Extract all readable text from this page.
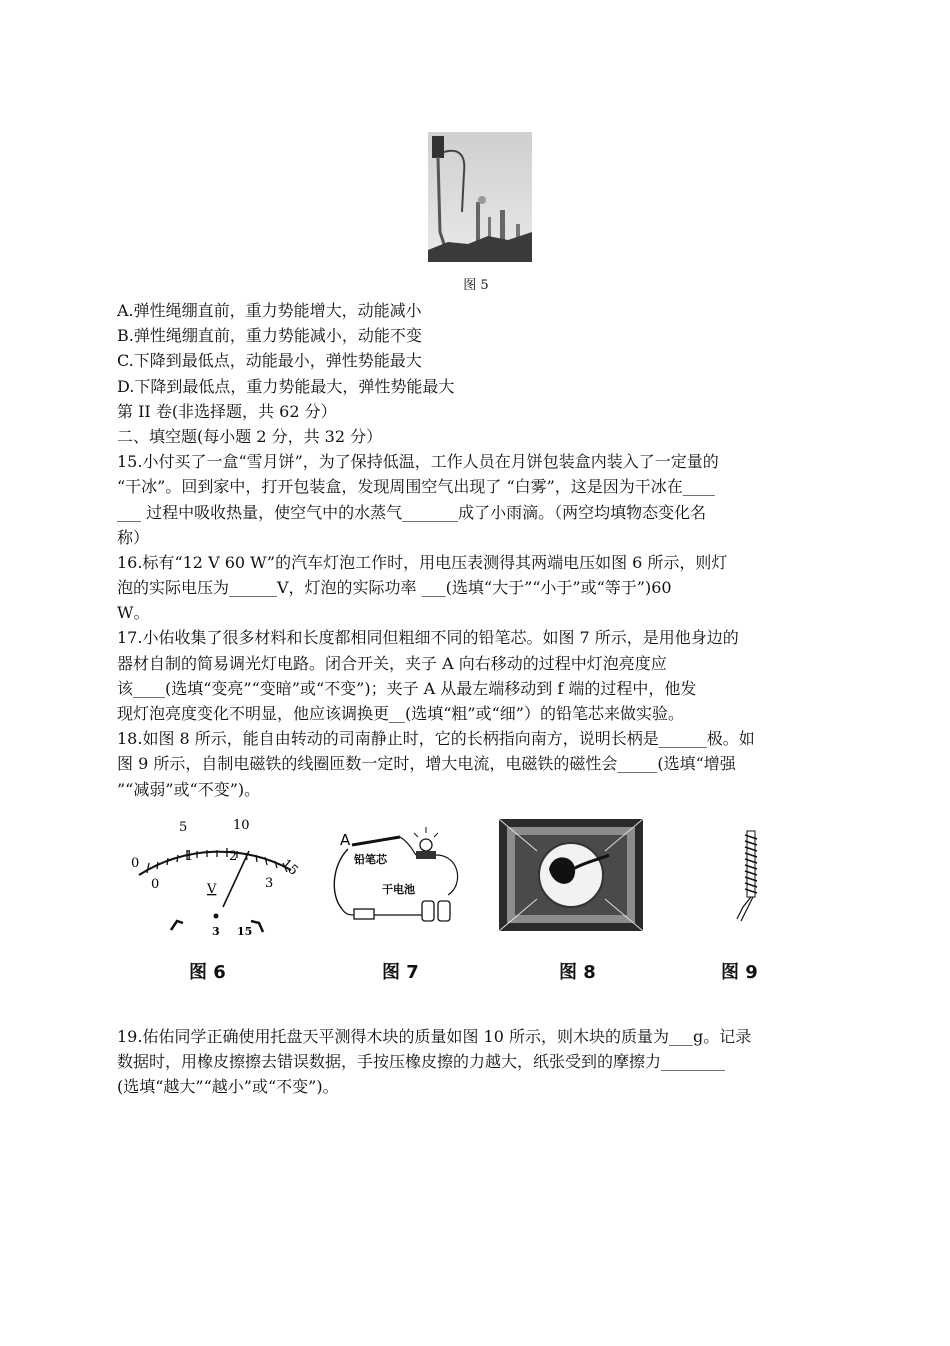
图 5
A.弹性绳绷直前，重力势能增大，动能减小
B.弹性绳绷直前，重力势能减小，动能不变
C.下降到最低点，动能最小，弹性势能最大
D.下降到最低点，重力势能最大，弹性势能最大
第 II 卷(非选择题，共 62 分）
二、填空题(每小题 2 分，共 32 分）
15.小付买了一盒“雪月饼”，为了保持低温，工作人员在月饼包装盒内装入了一定量的
“干冰”。回到家中，打开包装盒，发现周围空气出现了 “白雾”，这是因为干冰在____
___ 过程中吸收热量，使空气中的水蒸气_______成了小雨滴。（两空均填物态变化名
称）
16.标有“12 V 60 W”的汽车灯泡工作时，用电压表测得其两端电压如图 6 所示，则灯
泡的实际电压为______V，灯泡的实际功率 ___(选填“大于”“小于”或“等于”)60
W。
17.小佑收集了很多材料和长度都相同但粗细不同的铅笔芯。如图 7 所示，是用他身边的
器材自制的简易调光灯电路。闭合开关，夹子 A 向右移动的过程中灯泡亮度应
该____(选填“变亮”“变暗”或“不变”)；夹子 A 从最左端移动到 f 端的过程中，他发
现灯泡亮度变化不明显，他应该调换更__(选填“粗”或“细”）的铅笔芯来做实验。
18.如图 8 所示，能自由转动的司南静止时，它的长柄指向南方，说明长柄是______极。如
图 9 所示，自制电磁铁的线圈匝数一定时，增大电流，电磁铁的磁性会_____(选填“增强
”“减弱”或“不变”)。
5	10
15
0
0
1	2
3
V
3 15
图 6
A
铅笔芯
干电池
图 7	图 8	图 9
19.佑佑同学正确使用托盘天平测得木块的质量如图 10 所示，则木块的质量为___g。记录
数据时，用橡皮擦擦去错误数据，手按压橡皮擦的力越大，纸张受到的摩擦力________
(选填“越大”“越小”或“不变”)。
